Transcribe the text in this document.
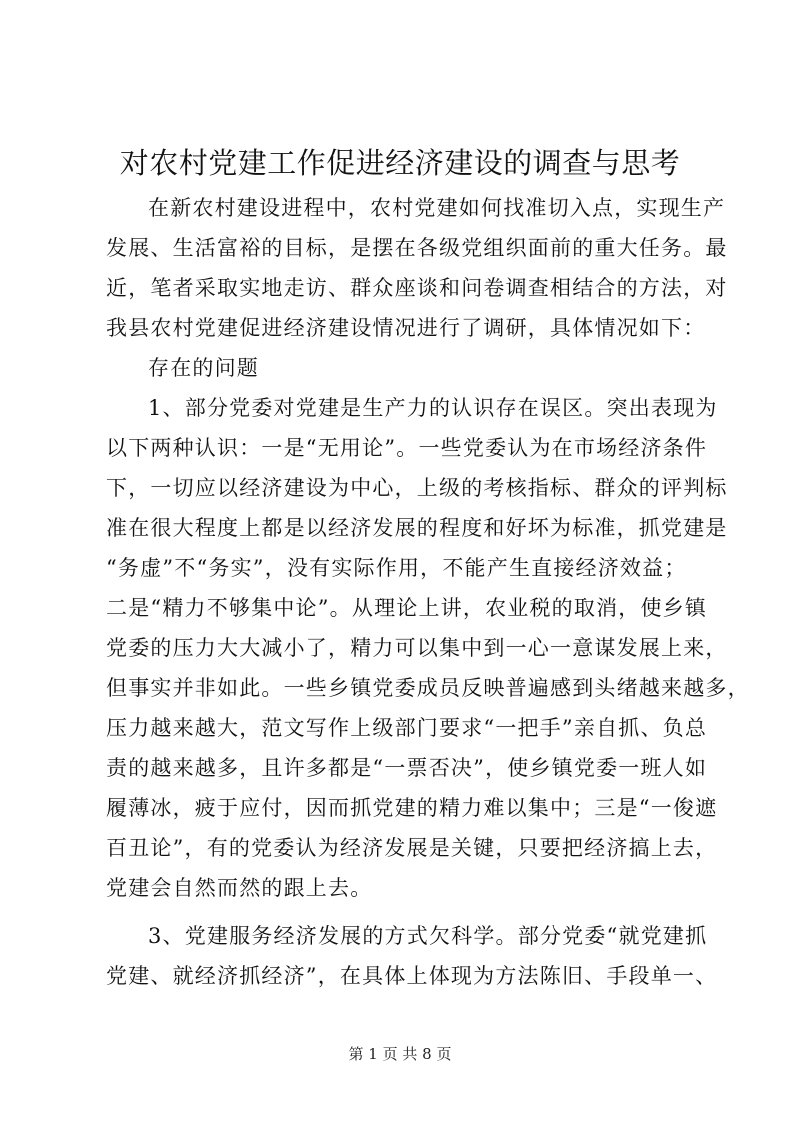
对农村党建工作促进经济建设的调查与思考

在新农村建设进程中，农村党建如何找准切入点，实现生产
发展、生活富裕的目标，是摆在各级党组织面前的重大任务。最
近，笔者采取实地走访、群众座谈和问卷调查相结合的方法，对
我县农村党建促进经济建设情况进行了调研，具体情况如下：

存在的问题

1、部分党委对党建是生产力的认识存在误区。突出表现为
以下两种认识：一是“无用论”。一些党委认为在市场经济条件
下，一切应以经济建设为中心，上级的考核指标、群众的评判标
准在很大程度上都是以经济发展的程度和好坏为标准，抓党建是
“务虚”不“务实”，没有实际作用，不能产生直接经济效益；
二是“精力不够集中论”。从理论上讲，农业税的取消，使乡镇
党委的压力大大减小了，精力可以集中到一心一意谋发展上来，
但事实并非如此。一些乡镇党委成员反映普遍感到头绪越来越多，
压力越来越大，范文写作上级部门要求“一把手”亲自抓、负总
责的越来越多，且许多都是“一票否决”，使乡镇党委一班人如
履薄冰，疲于应付，因而抓党建的精力难以集中；三是“一俊遮
百丑论”，有的党委认为经济发展是关键，只要把经济搞上去，
党建会自然而然的跟上去。

3、党建服务经济发展的方式欠科学。部分党委“就党建抓
党建、就经济抓经济”，在具体上体现为方法陈旧、手段单一、

第 1 页 共 8 页
